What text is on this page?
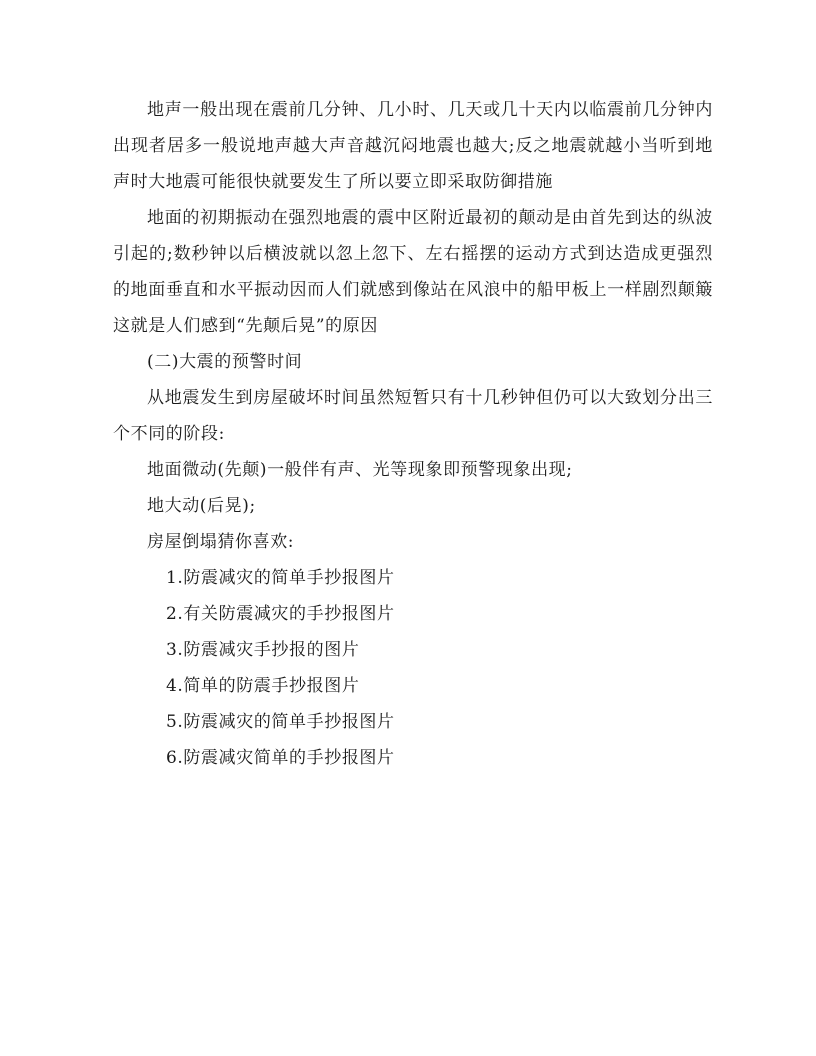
地声一般出现在震前几分钟、几小时、几天或几十天内以临震前几分钟内出现者居多一般说地声越大声音越沉闷地震也越大;反之地震就越小当听到地声时大地震可能很快就要发生了所以要立即采取防御措施

地面的初期振动在强烈地震的震中区附近最初的颠动是由首先到达的纵波引起的;数秒钟以后横波就以忽上忽下、左右摇摆的运动方式到达造成更强烈的地面垂直和水平振动因而人们就感到像站在风浪中的船甲板上一样剧烈颠簸这就是人们感到“先颠后晃”的原因

(二)大震的预警时间

从地震发生到房屋破坏时间虽然短暂只有十几秒钟但仍可以大致划分出三个不同的阶段:

地面微动(先颠)一般伴有声、光等现象即预警现象出现;

地大动(后晃);

房屋倒塌猜你喜欢:

1.防震减灾的简单手抄报图片
2.有关防震减灾的手抄报图片
3.防震减灾手抄报的图片
4.简单的防震手抄报图片
5.防震减灾的简单手抄报图片
6.防震减灾简单的手抄报图片
